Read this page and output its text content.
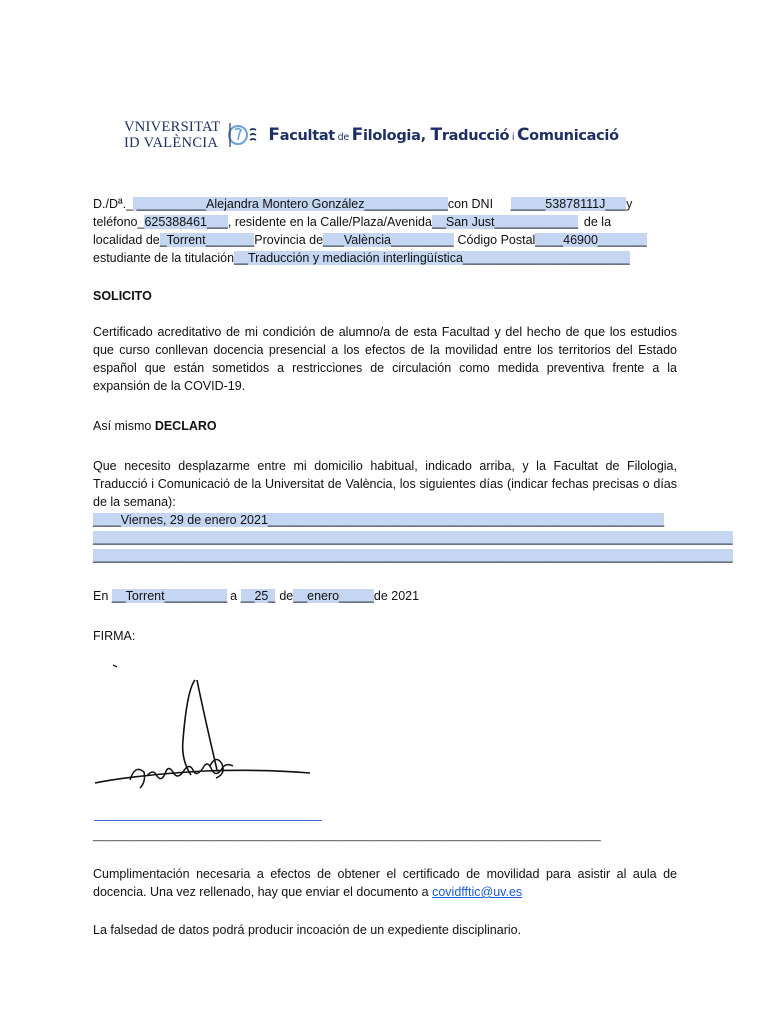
VNIVERSITAT
ID VALÈNCIA	Facultat de Filologia, Traducció i Comunicació
D./Dª._ __________Alejandra Montero González____________con DNI _____53878111J___y
teléfono_625388461___, residente en la Calle/Plaza/Avenida__San Just____________ de la
localidad de_Torrent_______Provincia de___València_________ Código Postal____46900_______
estudiante de la titulación__Traducción y mediación interlingüística________________________
SOLICITO
Certificado acreditativo de mi condición de alumno/a de esta Facultad y del hecho de que los estudios
que curso conllevan docencia presencial a los efectos de la movilidad entre los territorios del Estado
español que están sometidos a restricciones de circulación como medida preventiva frente a la
expansión de la COVID-19.
Así mismo DECLARO
Que necesito desplazarme entre mi domicilio habitual, indicado arriba, y la Facultat de Filologia,
Traducció i Comunicació de la Universitat de València, los siguientes días (indicar fechas precisas o días
de la semana):
____Viernes, 29 de enero 2021_________________________________________________________
____________________________________________________________________________________________
____________________________________________________________________________________________
En __Torrent_________ a __25_ de__enero_____de 2021
FIRMA:
___________________________________________________________________________________
Cumplimentación necesaria a efectos de obtener el certificado de movilidad para asistir al aula de
docencia. Una vez rellenado, hay que enviar el documento a covidfftic@uv.es
La falsedad de datos podrá producir incoación de un expediente disciplinario.
